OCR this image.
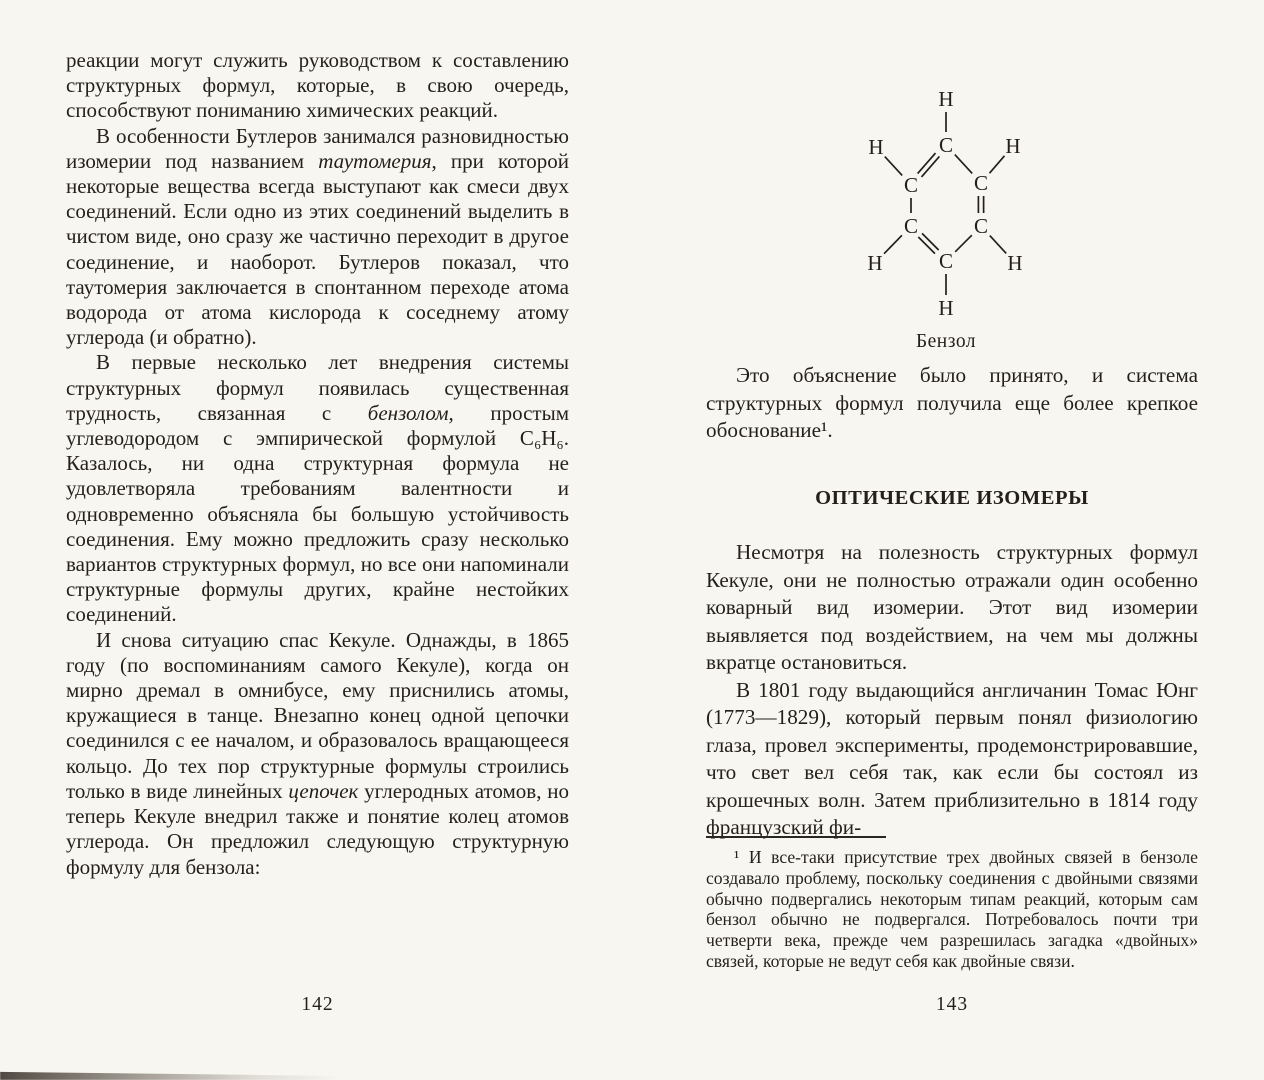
реакции могут служить руководством к составлению структурных формул, которые, в свою очередь, способствуют пониманию химических реакций.

В особенности Бутлеров занимался разновидностью изомерии под названием таутомерия, при которой некоторые вещества всегда выступают как смеси двух соединений. Если одно из этих соединений выделить в чистом виде, оно сразу же частично переходит в другое соединение, и наоборот. Бутлеров показал, что таутомерия заключается в спонтанном переходе атома водорода от атома кислорода к соседнему атому углерода (и обратно).

В первые несколько лет внедрения системы структурных формул появилась существенная трудность, связанная с бензолом, простым углеводородом с эмпирической формулой С₆Н₆. Казалось, ни одна структурная формула не удовлетворяла требованиям валентности и одновременно объясняла бы большую устойчивость соединения. Ему можно предложить сразу несколько вариантов структурных формул, но все они напоминали структурные формулы других, крайне нестойких соединений.

И снова ситуацию спас Кекуле. Однажды, в 1865 году (по воспоминаниям самого Кекуле), когда он мирно дремал в омнибусе, ему приснились атомы, кружащиеся в танце. Внезапно конец одной цепочки соединился с ее началом, и образовалось вращающееся кольцо. До тех пор структурные формулы строились только в виде линейных цепочек углеродных атомов, но теперь Кекуле внедрил также и понятие колец атомов углерода. Он предложил следующую структурную формулу для бензола:

142
H
C
H	H
C	C
C	C
C
H	H
H
Бензол

Это объяснение было принято, и система структурных формул получила еще более крепкое обоснование¹.

ОПТИЧЕСКИЕ ИЗОМЕРЫ

Несмотря на полезность структурных формул Кекуле, они не полностью отражали один особенно коварный вид изомерии. Этот вид изомерии выявляется под воздействием, на чем мы должны вкратце остановиться.

В 1801 году выдающийся англичанин Томас Юнг (1773—1829), который первым понял физиологию глаза, провел эксперименты, продемонстрировавшие, что свет вел себя так, как если бы состоял из крошечных волн. Затем приблизительно в 1814 году французский фи-

¹ И все-таки присутствие трех двойных связей в бензоле создавало проблему, поскольку соединения с двойными связями обычно подвергались некоторым типам реакций, которым сам бензол обычно не подвергался. Потребовалось почти три четверти века, прежде чем разрешилась загадка «двойных» связей, которые не ведут себя как двойные связи.

143
